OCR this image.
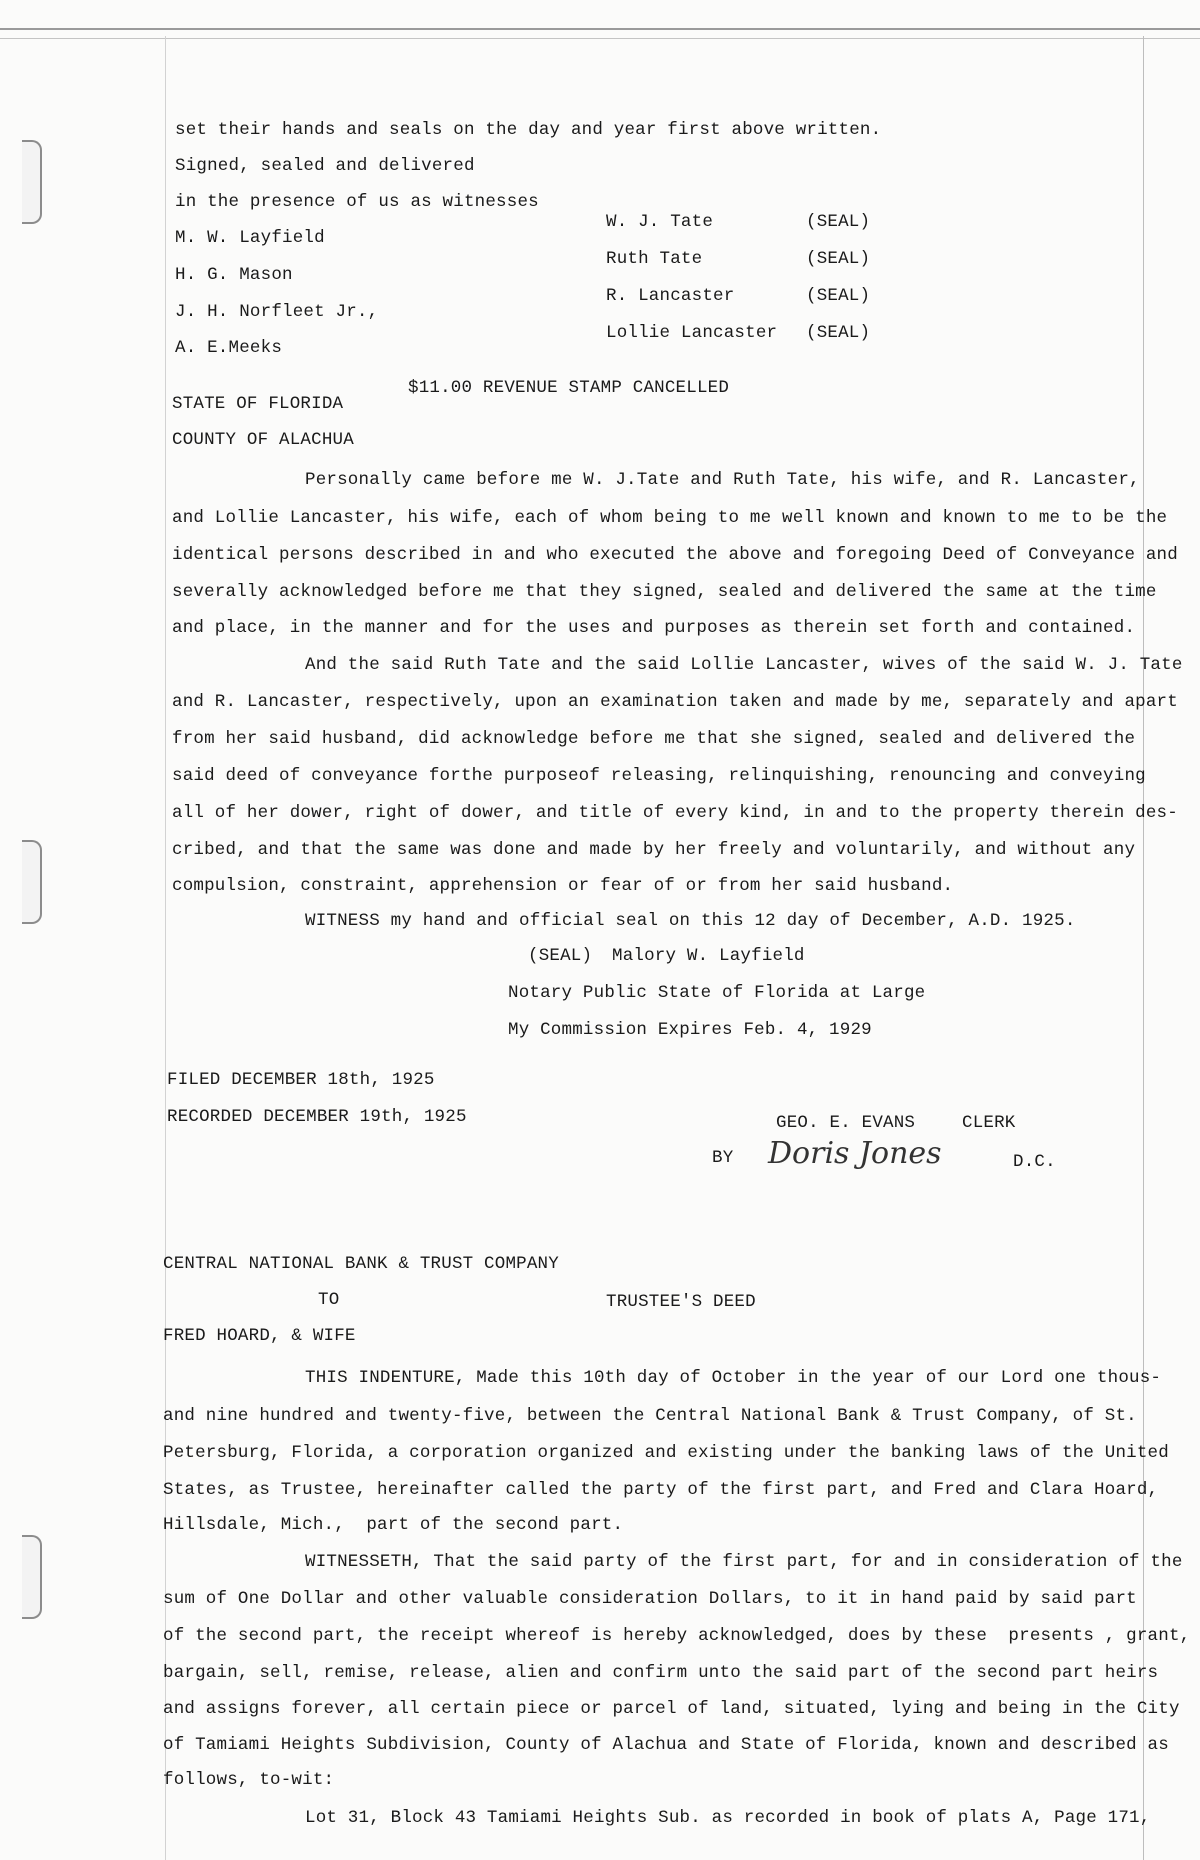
set their hands and seals on the day and year first above written.
Signed, sealed and delivered
in the presence of us as witnesses
M. W. Layfield
H. G. Mason
J. H. Norfleet Jr.,
A. E.Meeks
W. J. Tate	(SEAL)
Ruth Tate	(SEAL)
R. Lancaster	(SEAL)
Lollie Lancaster (SEAL)
$11.00 REVENUE STAMP CANCELLED
STATE OF FLORIDA
COUNTY OF ALACHUA
Personally came before me W. J.Tate and Ruth Tate, his wife, and R. Lancaster,
and Lollie Lancaster, his wife, each of whom being to me well known and known to me to be the
identical persons described in and who executed the above and foregoing Deed of Conveyance and
severally acknowledged before me that they signed, sealed and delivered the same at the time
and place, in the manner and for the uses and purposes as therein set forth and contained.
And the said Ruth Tate and the said Lollie Lancaster, wives of the said W. J. Tate
and R. Lancaster, respectively, upon an examination taken and made by me, separately and apart
from her said husband, did acknowledge before me that she signed, sealed and delivered the
said deed of conveyance forthe purposeof releasing, relinquishing, renouncing and conveying
all of her dower, right of dower, and title of every kind, in and to the property therein des-
cribed, and that the same was done and made by her freely and voluntarily, and without any
compulsion, constraint, apprehension or fear of or from her said husband.
WITNESS my hand and official seal on this 12 day of December, A.D. 1925.
(SEAL) Malory W. Layfield
Notary Public State of Florida at Large
My Commission Expires Feb. 4, 1929
FILED DECEMBER 18th, 1925
RECORDED DECEMBER 19th, 1925	GEO. E. EVANS	CLERK
BY Doris Jones	D.C.
CENTRAL NATIONAL BANK & TRUST COMPANY
TO	TRUSTEE'S DEED
FRED HOARD, & WIFE
THIS INDENTURE, Made this 10th day of October in the year of our Lord one thous-
and nine hundred and twenty-five, between the Central National Bank & Trust Company, of St.
Petersburg, Florida, a corporation organized and existing under the banking laws of the United
States, as Trustee, hereinafter called the party of the first part, and Fred and Clara Hoard,
Hillsdale, Mich.,  part of the second part.
WITNESSETH, That the said party of the first part, for and in consideration of the
sum of One Dollar and other valuable consideration Dollars, to it in hand paid by said part
of the second part, the receipt whereof is hereby acknowledged, does by these  presents , grant,
bargain, sell, remise, release, alien and confirm unto the said part of the second part heirs
and assigns forever, all certain piece or parcel of land, situated, lying and being in the City
of Tamiami Heights Subdivision, County of Alachua and State of Florida, known and described as
follows, to-wit:
Lot 31, Block 43 Tamiami Heights Sub. as recorded in book of plats A, Page 171,
